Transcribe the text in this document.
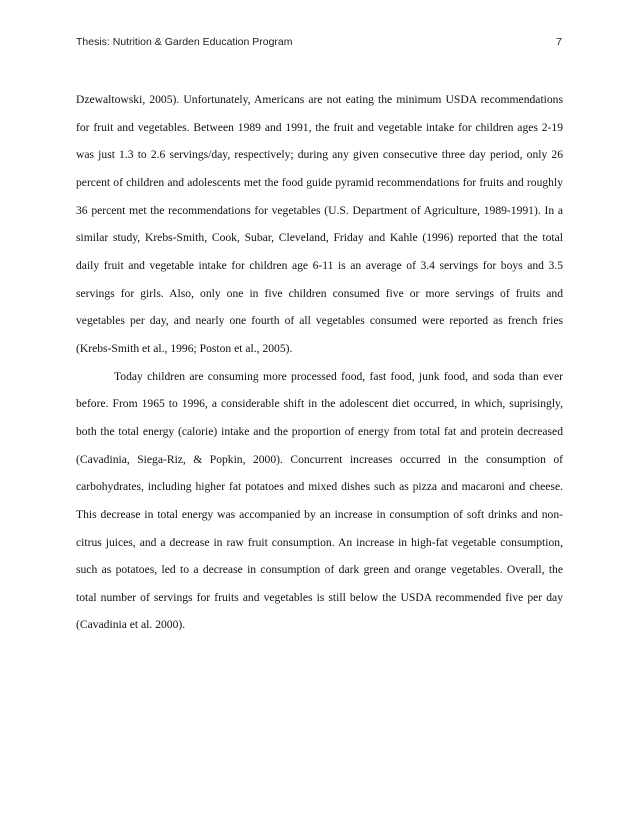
Thesis: Nutrition & Garden Education Program	7

Dzewaltowski, 2005). Unfortunately, Americans are not eating the minimum USDA recommendations for fruit and vegetables. Between 1989 and 1991, the fruit and vegetable intake for children ages 2-19 was just 1.3 to 2.6 servings/day, respectively; during any given consecutive three day period, only 26 percent of children and adolescents met the food guide pyramid recommendations for fruits and roughly 36 percent met the recommendations for vegetables (U.S. Department of Agriculture, 1989-1991). In a similar study, Krebs-Smith, Cook, Subar, Cleveland, Friday and Kahle (1996) reported that the total daily fruit and vegetable intake for children age 6-11 is an average of 3.4 servings for boys and 3.5 servings for girls. Also, only one in five children consumed five or more servings of fruits and vegetables per day, and nearly one fourth of all vegetables consumed were reported as french fries (Krebs-Smith et al., 1996; Poston et al., 2005).

Today children are consuming more processed food, fast food, junk food, and soda than ever before. From 1965 to 1996, a considerable shift in the adolescent diet occurred, in which, suprisingly, both the total energy (calorie) intake and the proportion of energy from total fat and protein decreased (Cavadinia, Siega-Riz, & Popkin, 2000). Concurrent increases occurred in the consumption of carbohydrates, including higher fat potatoes and mixed dishes such as pizza and macaroni and cheese. This decrease in total energy was accompanied by an increase in consumption of soft drinks and non-citrus juices, and a decrease in raw fruit consumption. An increase in high-fat vegetable consumption, such as potatoes, led to a decrease in consumption of dark green and orange vegetables. Overall, the total number of servings for fruits and vegetables is still below the USDA recommended five per day (Cavadinia et al. 2000).
